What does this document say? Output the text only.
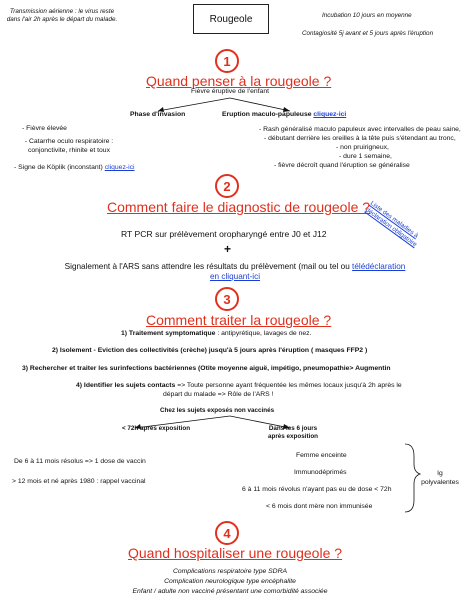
Transmission aérienne : le virus reste dans l'air 2h après le départ du malade.	Rougeole	Incubation 10 jours en moyenne
Contagiosité 5j avant et 5 jours après l'éruption
1
Quand penser à la rougeole ?
Fièvre éruptive de l'enfant
Phase d'invasion	Eruption maculo-papuleuse cliquez-ici
- Fièvre élevée
- Catarrhe oculo respiratoire : conjonctivite, rhinite et toux
- Signe de Köplik (inconstant) cliquez-ici
- Rash généralisé maculo papuleux avec intervalles de peau saine,
- débutant derrière les oreilles à la tête puis s'étendant au tronc,
- non pruirigneux,
- dure 1 semaine,
- fièvre décroît quand l'éruption se généralise
2
Comment faire le diagnostic de rougeole ?
Liste des maladies à déclaration obligatoire
RT PCR sur prélèvement oropharyngé entre J0 et J12
+
Signalement à l'ARS sans attendre les résultats du prélèvement (mail ou tel ou télédéclaration
en cliquant-ici
3
Comment traiter la rougeole ?
1) Traitement symptomatique : antipyrétique, lavages de nez.
2) Isolement - Eviction des collectivités (crèche) jusqu'à 5 jours après l'éruption ( masques FFP2 )
3) Rechercher et traiter les surinfections bactériennes (Otite moyenne aiguë, impétigo, pneumopathie> Augmentin
4) Identifier les sujets contacts => Toute personne ayant fréquentée les mêmes locaux jusqu'à 2h après le
départ du malade => Rôle de l'ARS !
Chez les sujets exposés non vaccinés
< 72h après exposition	Dans les 6 jours
après exposition
De 6 à 11 mois résolus => 1 dose de vaccin
> 12 mois et né après 1980 : rappel vaccinal
Femme enceinte
Immunodéprimés
6 à 11 mois révolus n'ayant pas eu de dose < 72h
< 6 mois dont mère non immunisée
Ig polyvalentes
4
Quand hospitaliser une rougeole ?
Complications respiratoire type SDRA
Complication neurologique type encéphalite
Enfant / adulte non vacciné présentant une comorbidité associée
